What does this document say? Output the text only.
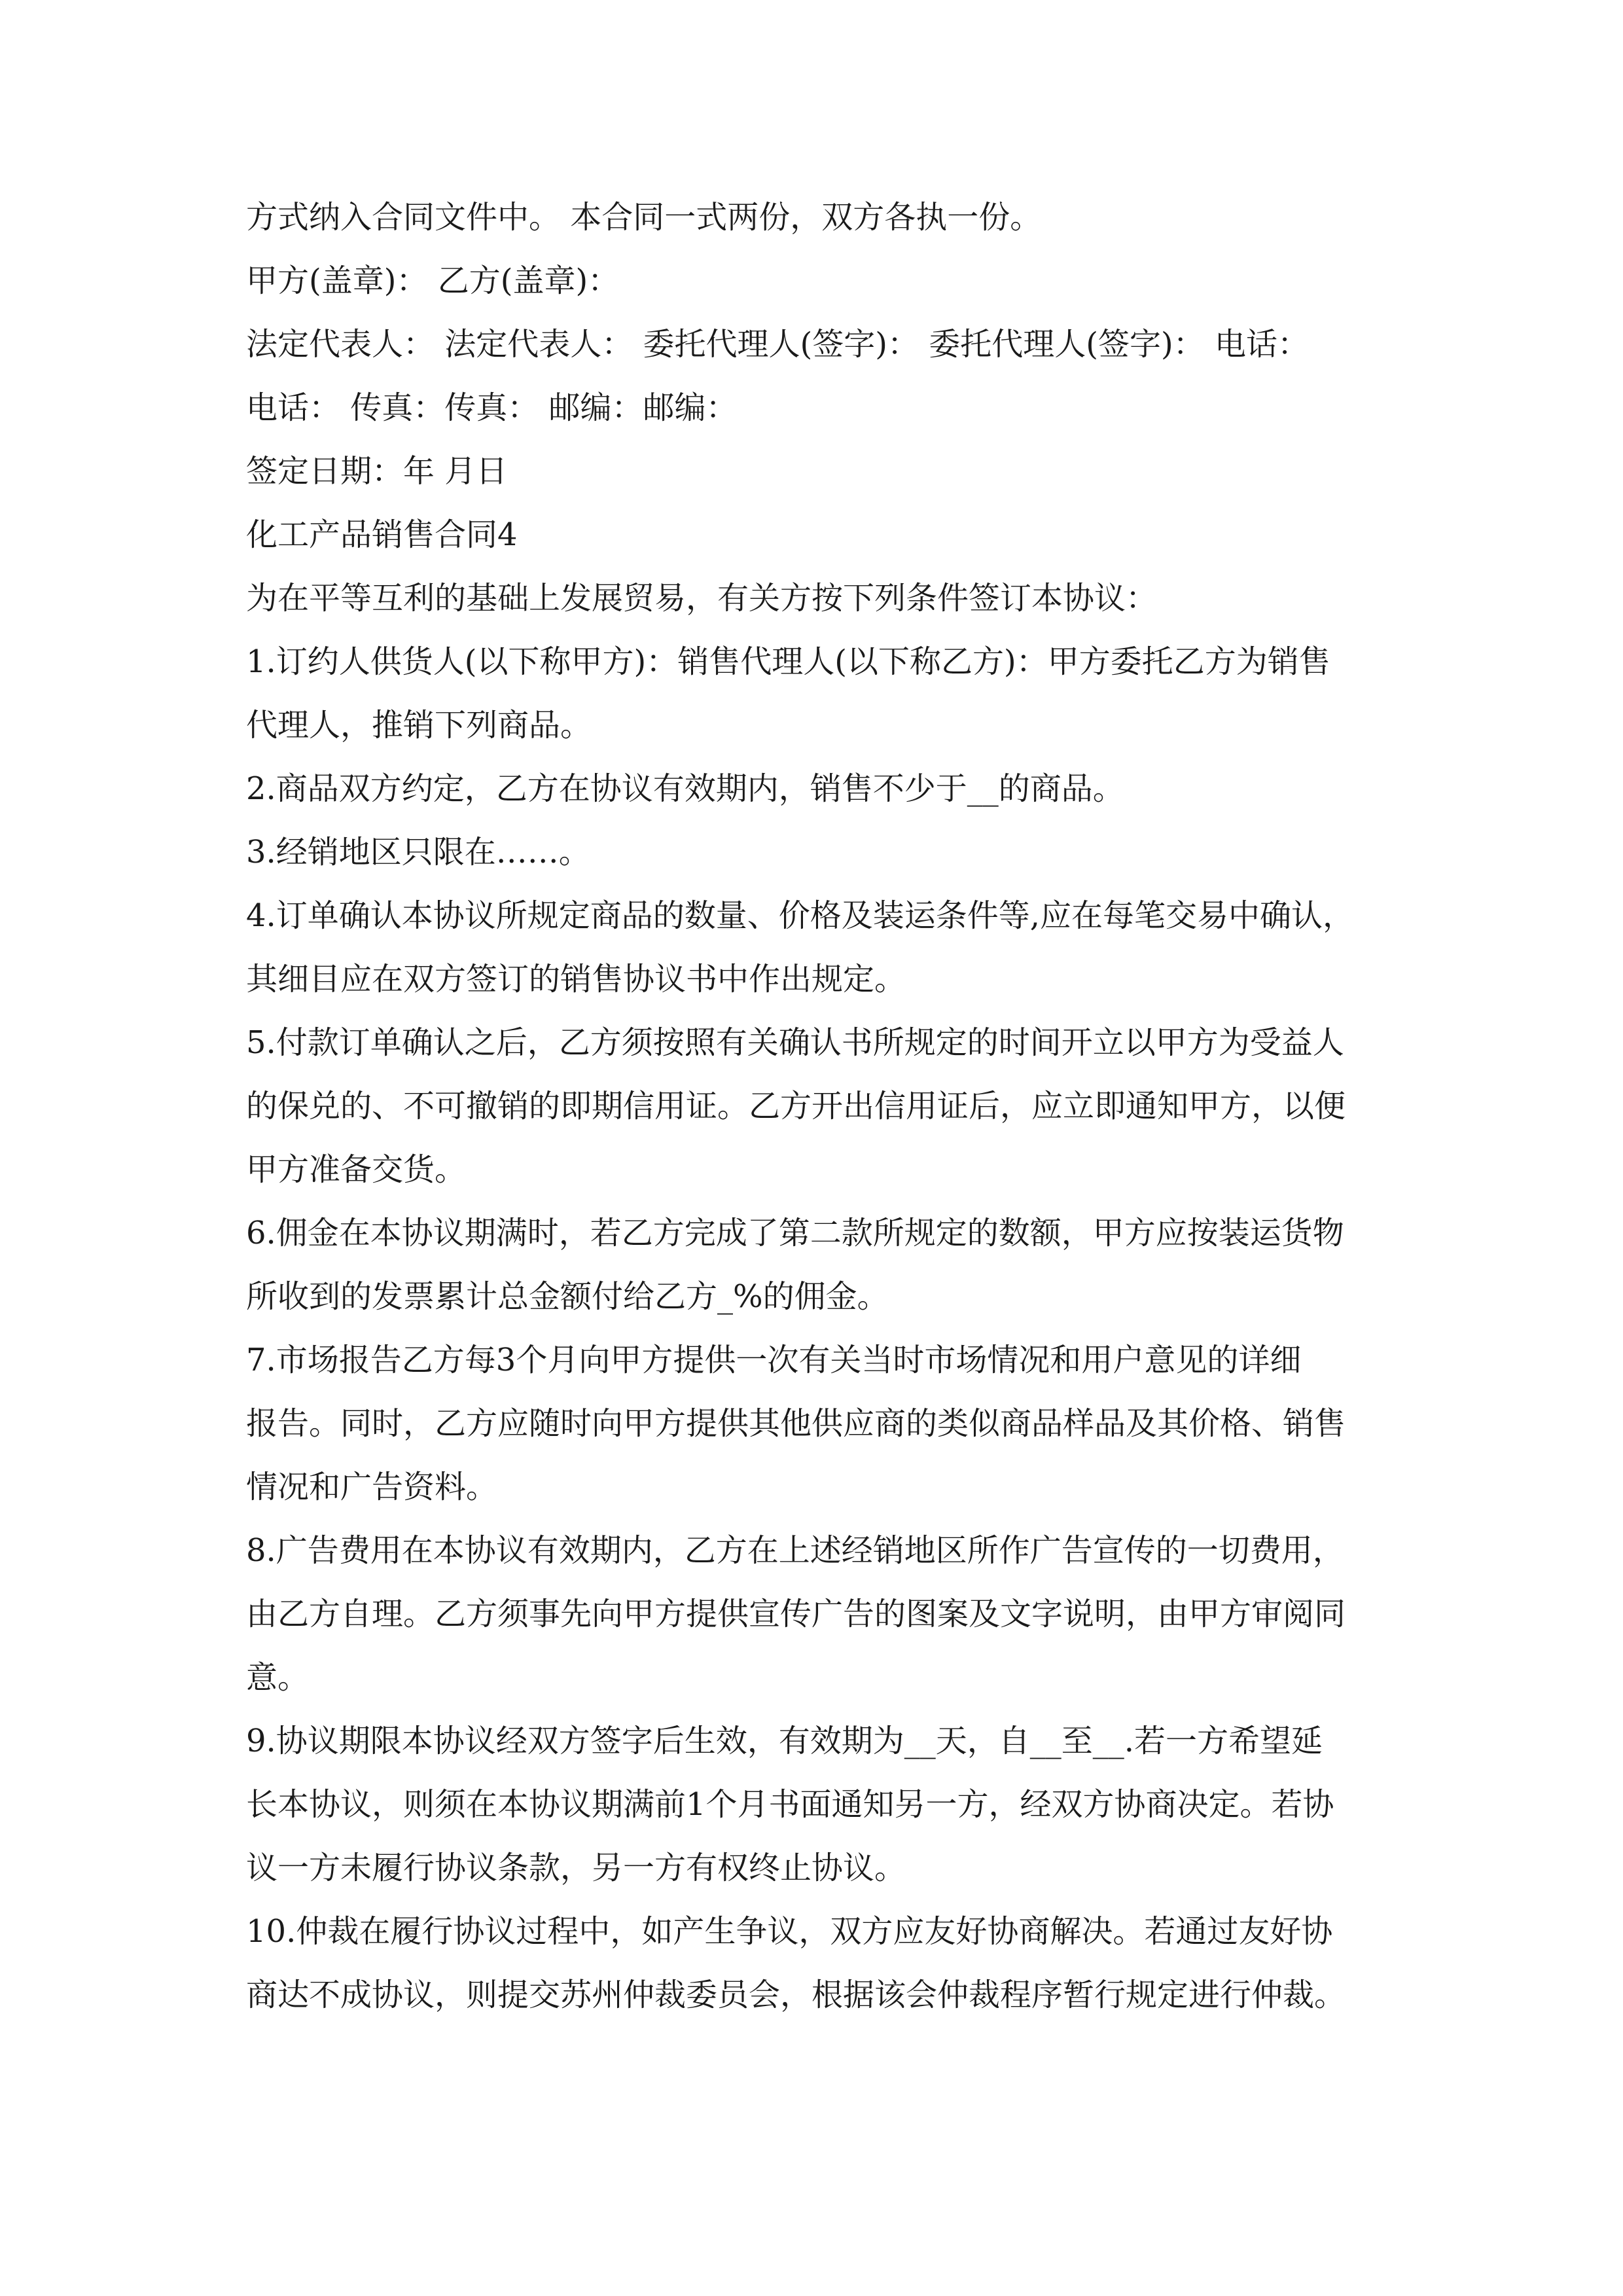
方式纳入合同文件中。 本合同一式两份，双方各执一份。
甲方(盖章)： 乙方(盖章)：
法定代表人： 法定代表人： 委托代理人(签字)： 委托代理人(签字)： 电话：
电话： 传真：传真： 邮编：邮编：
签定日期：年 月日
化工产品销售合同4
为在平等互利的基础上发展贸易，有关方按下列条件签订本协议：
1.订约人供货人(以下称甲方)：销售代理人(以下称乙方)：甲方委托乙方为销售
代理人，推销下列商品。
2.商品双方约定，乙方在协议有效期内，销售不少于__的商品。
3.经销地区只限在……。
4.订单确认本协议所规定商品的数量、价格及装运条件等,应在每笔交易中确认，
其细目应在双方签订的销售协议书中作出规定。
5.付款订单确认之后，乙方须按照有关确认书所规定的时间开立以甲方为受益人
的保兑的、不可撤销的即期信用证。乙方开出信用证后，应立即通知甲方，以便
甲方准备交货。
6.佣金在本协议期满时，若乙方完成了第二款所规定的数额，甲方应按装运货物
所收到的发票累计总金额付给乙方_%的佣金。
7.市场报告乙方每3个月向甲方提供一次有关当时市场情况和用户意见的详细
报告。同时，乙方应随时向甲方提供其他供应商的类似商品样品及其价格、销售
情况和广告资料。
8.广告费用在本协议有效期内，乙方在上述经销地区所作广告宣传的一切费用，
由乙方自理。乙方须事先向甲方提供宣传广告的图案及文字说明，由甲方审阅同
意。
9.协议期限本协议经双方签字后生效，有效期为__天，自__至__.若一方希望延
长本协议，则须在本协议期满前1个月书面通知另一方，经双方协商决定。若协
议一方未履行协议条款，另一方有权终止协议。
10.仲裁在履行协议过程中，如产生争议，双方应友好协商解决。若通过友好协
商达不成协议，则提交苏州仲裁委员会，根据该会仲裁程序暂行规定进行仲裁。
